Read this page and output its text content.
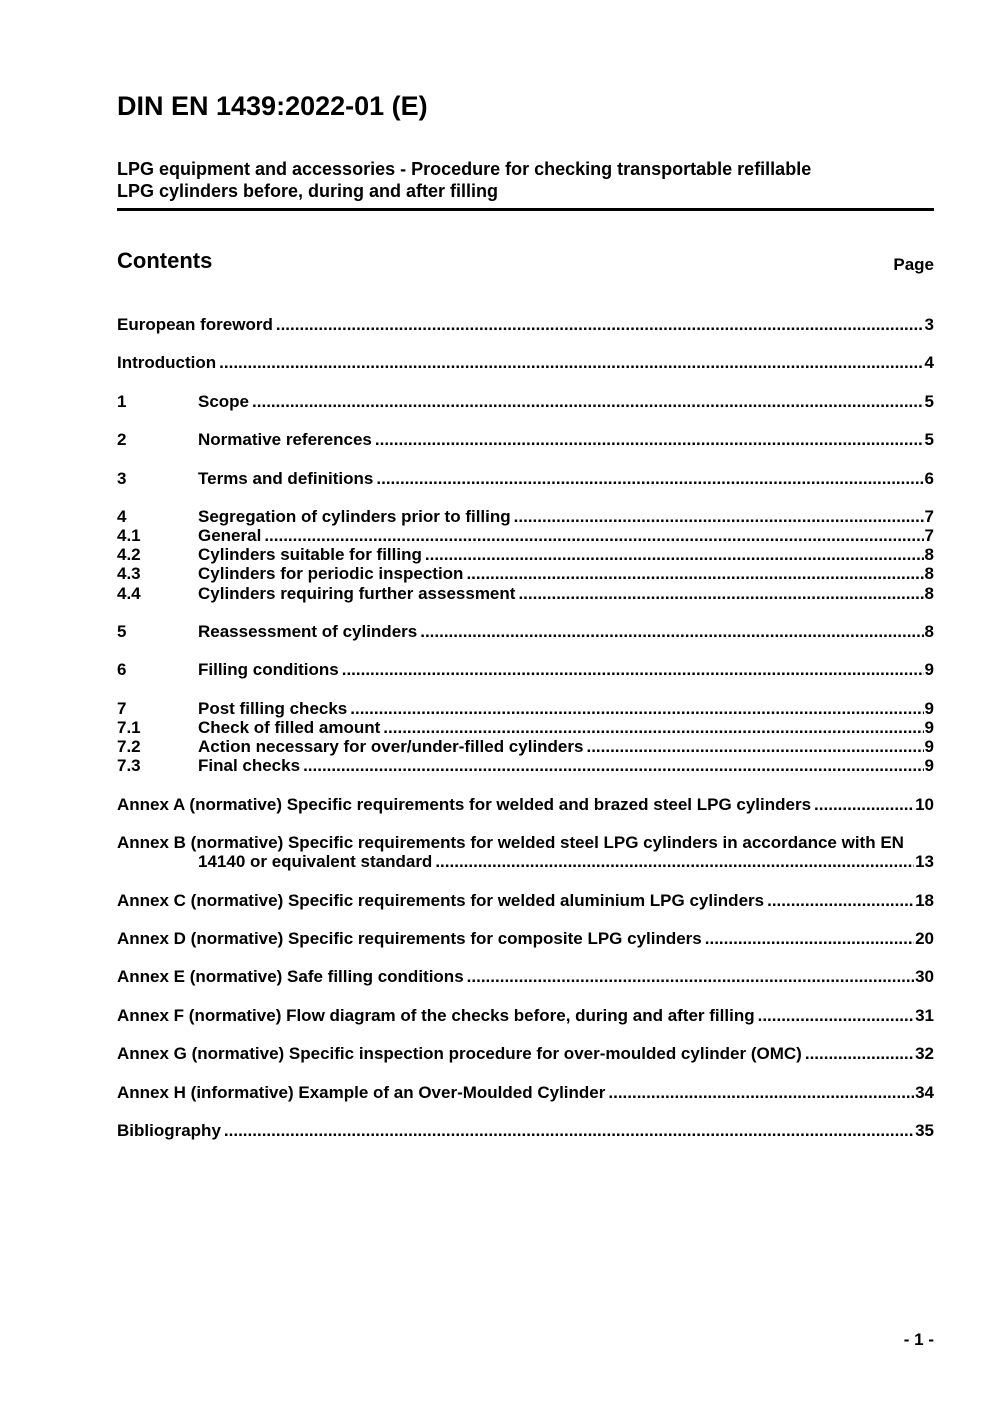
DIN EN 1439:2022-01 (E)
LPG equipment and accessories - Procedure for checking transportable refillable
LPG cylinders before, during and after filling
Contents	Page
European foreword .....	3
Introduction .....	4
1	Scope .....	5
2	Normative references .....	5
3	Terms and definitions .....	6
4	Segregation of cylinders prior to filling .....	7
4.1	General .....	7
4.2	Cylinders suitable for filling .....	8
4.3	Cylinders for periodic inspection .....	8
4.4	Cylinders requiring further assessment .....	8
5	Reassessment of cylinders .....	8
6	Filling conditions .....	9
7	Post filling checks .....	9
7.1	Check of filled amount .....	9
7.2	Action necessary for over/under-filled cylinders .....	9
7.3	Final checks .....	9
Annex A (normative) Specific requirements for welded and brazed steel LPG cylinders .....	10
Annex B (normative) Specific requirements for welded steel LPG cylinders in accordance with EN
14140 or equivalent standard .....	13
Annex C (normative) Specific requirements for welded aluminium LPG cylinders .....	18
Annex D (normative) Specific requirements for composite LPG cylinders .....	20
Annex E (normative) Safe filling conditions .....	30
Annex F (normative) Flow diagram of the checks before, during and after filling .....	31
Annex G (normative) Specific inspection procedure for over-moulded cylinder (OMC) .....	32
Annex H (informative) Example of an Over-Moulded Cylinder .....	34
Bibliography .....	35
- 1 -
